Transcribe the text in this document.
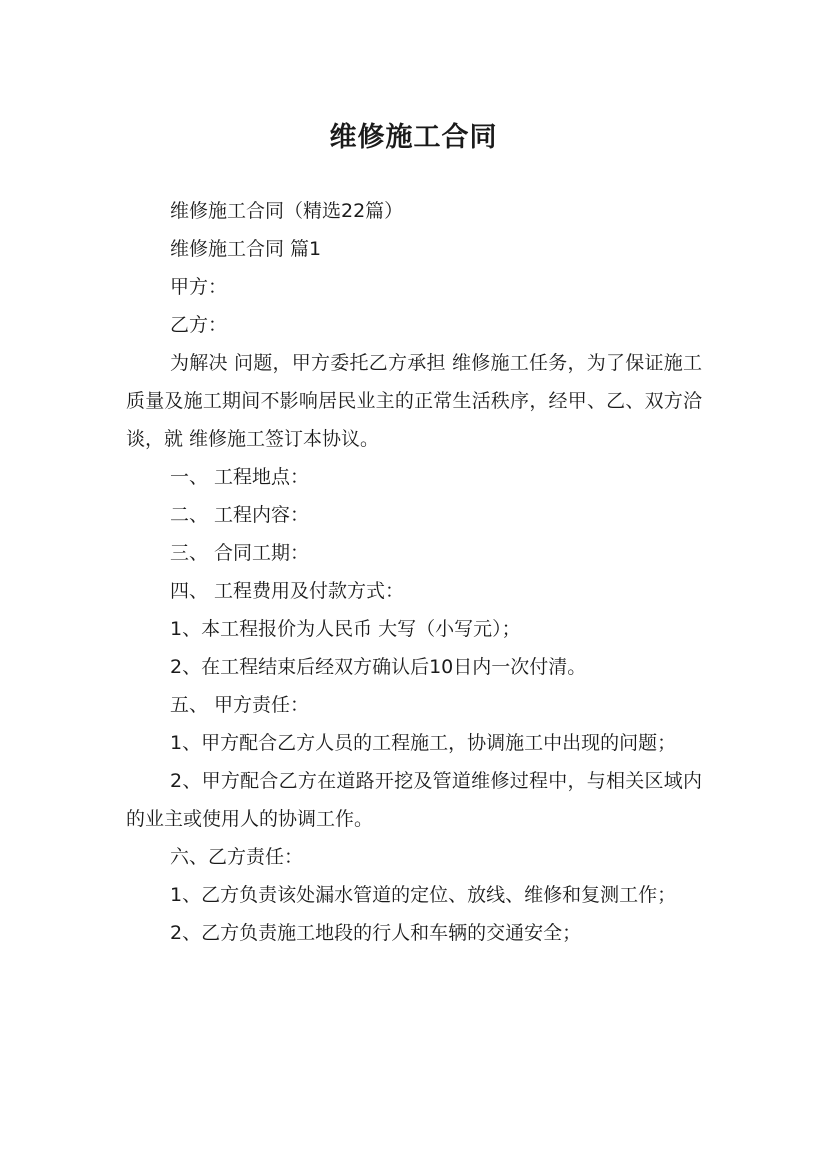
维修施工合同

维修施工合同（精选22篇）

维修施工合同 篇1

甲方：

乙方：

为解决 问题，甲方委托乙方承担 维修施工任务，为了保证施工质量及施工期间不影响居民业主的正常生活秩序，经甲、乙、双方洽谈，就 维修施工签订本协议。

一、 工程地点：

二、 工程内容：

三、 合同工期：

四、 工程费用及付款方式：

1、本工程报价为人民币 大写（小写元）；

2、在工程结束后经双方确认后10日内一次付清。

五、 甲方责任：

1、甲方配合乙方人员的工程施工，协调施工中出现的问题；

2、甲方配合乙方在道路开挖及管道维修过程中，与相关区域内的业主或使用人的协调工作。

六、乙方责任：

1、乙方负责该处漏水管道的定位、放线、维修和复测工作；

2、乙方负责施工地段的行人和车辆的交通安全；
